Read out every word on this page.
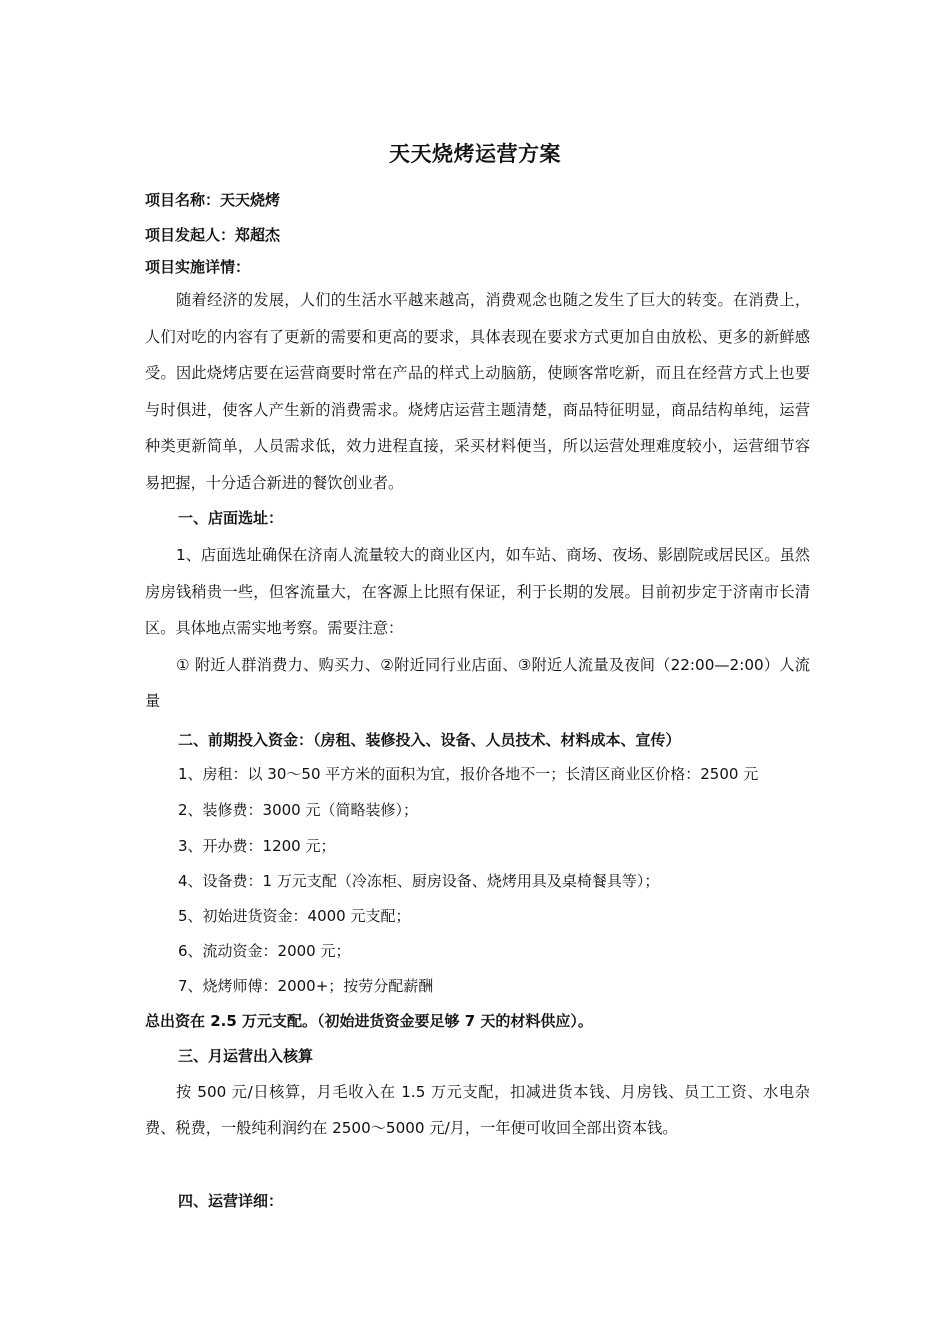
天天烧烤运营方案
项目名称：天天烧烤
项目发起人：郑超杰
项目实施详情：
随着经济的发展，人们的生活水平越来越高，消费观念也随之发生了巨大的转变。在消费上，人们对吃的内容有了更新的需要和更高的要求，具体表现在要求方式更加自由放松、更多的新鲜感受。因此烧烤店要在运营商要时常在产品的样式上动脑筋，使顾客常吃新，而且在经营方式上也要与时俱进，使客人产生新的消费需求。烧烤店运营主题清楚，商品特征明显，商品结构单纯，运营种类更新简单，人员需求低，效力进程直接，采买材料便当，所以运营处理难度较小，运营细节容易把握，十分适合新进的餐饮创业者。
一、店面选址：
1、店面选址确保在济南人流量较大的商业区内，如车站、商场、夜场、影剧院或居民区。虽然房房钱稍贵一些，但客流量大，在客源上比照有保证，利于长期的发展。目前初步定于济南市长清区。具体地点需实地考察。需要注意：
① 附近人群消费力、购买力、②附近同行业店面、③附近人流量及夜间（22:00—2:00）人流量
二、前期投入资金：（房租、装修投入、设备、人员技术、材料成本、宣传）
1、房租：以 30～50 平方米的面积为宜，报价各地不一；长清区商业区价格：2500 元
2、装修费：3000 元（简略装修）；
3、开办费：1200 元；
4、设备费：1 万元支配（冷冻柜、厨房设备、烧烤用具及桌椅餐具等）；
5、初始进货资金：4000 元支配；
6、流动资金：2000 元；
7、烧烤师傅：2000+；按劳分配薪酬
总出资在 2.5 万元支配。（初始进货资金要足够 7 天的材料供应）。
三、月运营出入核算
按 500 元/日核算，月毛收入在 1.5 万元支配，扣减进货本钱、月房钱、员工工资、水电杂费、税费，一般纯利润约在 2500～5000 元/月，一年便可收回全部出资本钱。
四、运营详细：
